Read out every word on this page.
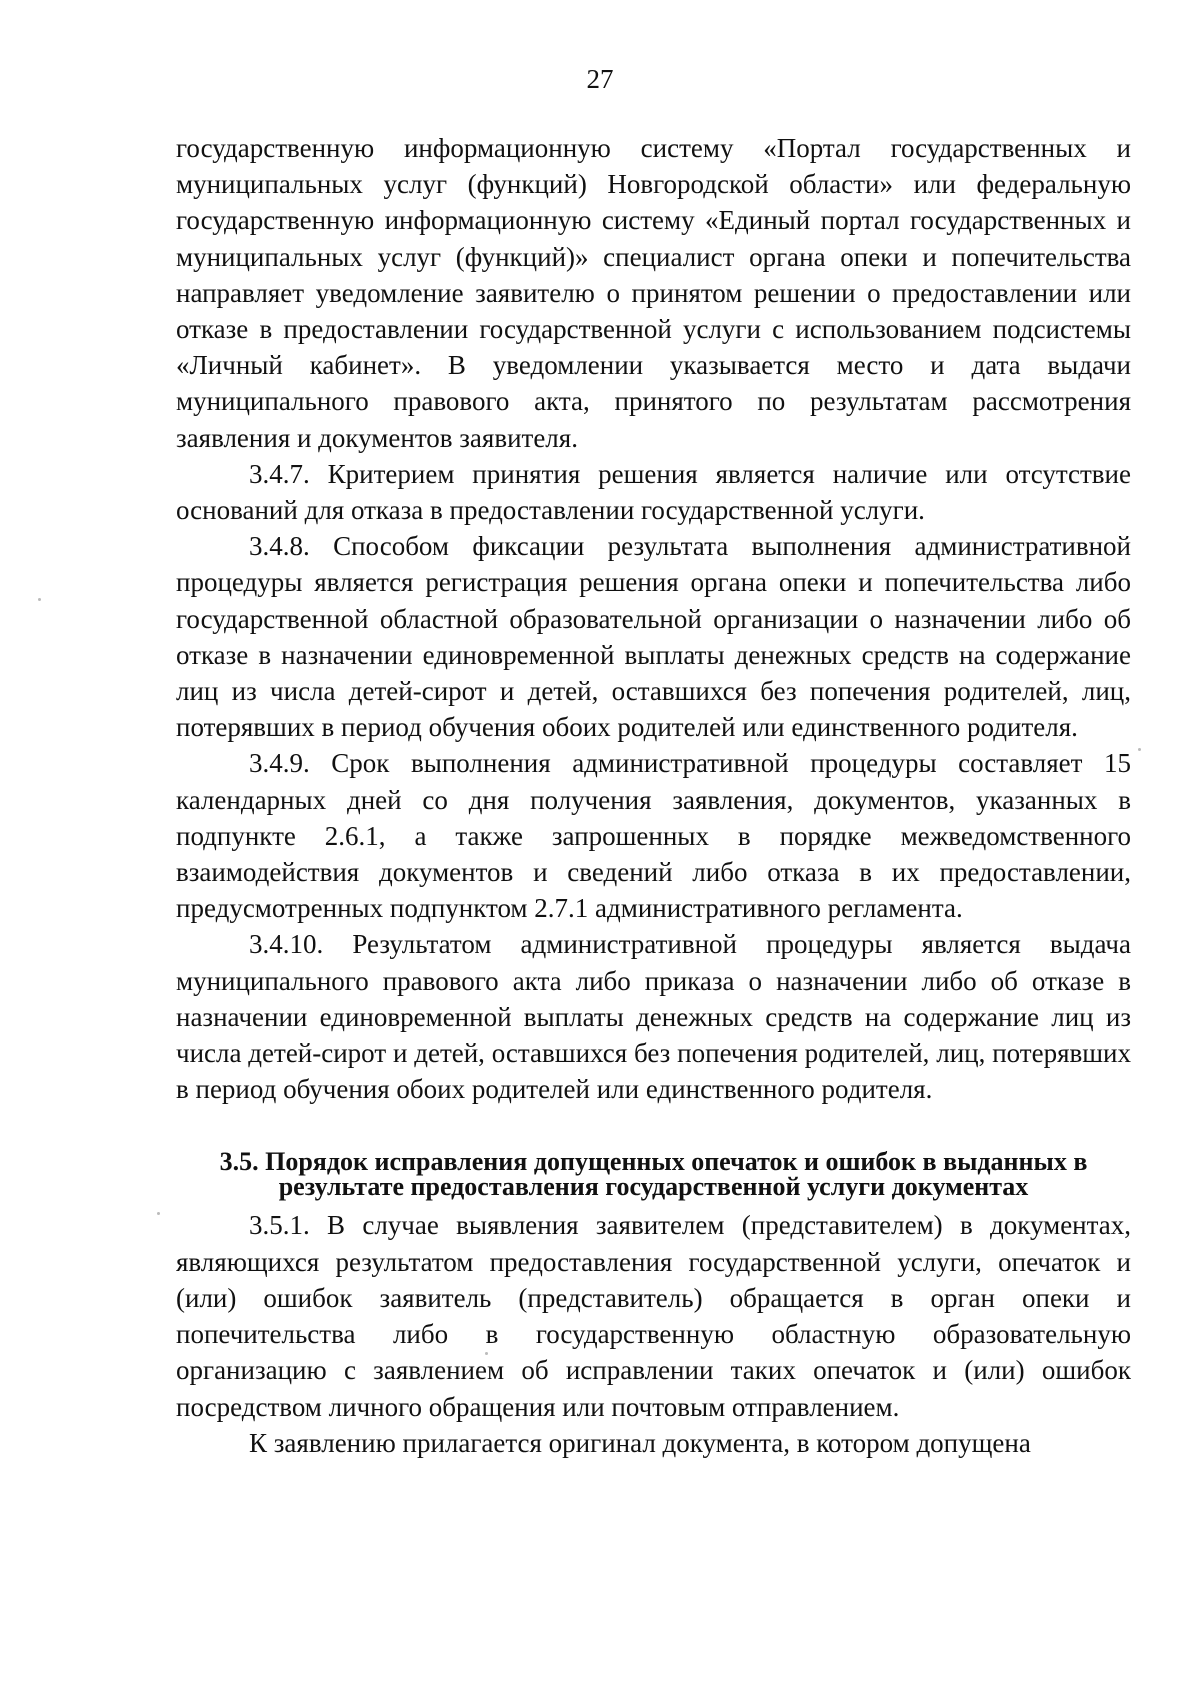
27

государственную информационную систему «Портал государственных и муниципальных услуг (функций) Новгородской области» или федеральную государственную информационную систему «Единый портал государственных и муниципальных услуг (функций)» специалист органа опеки и попечительства направляет уведомление заявителю о принятом решении о предоставлении или отказе в предоставлении государственной услуги с использованием подсистемы «Личный кабинет». В уведомлении указывается место и дата выдачи муниципального правового акта, принятого по результатам рассмотрения заявления и документов заявителя.

3.4.7. Критерием принятия решения является наличие или отсутствие оснований для отказа в предоставлении государственной услуги.

3.4.8. Способом фиксации результата выполнения административной процедуры является регистрация решения органа опеки и попечительства либо государственной областной образовательной организации о назначении либо об отказе в назначении единовременной выплаты денежных средств на содержание лиц из числа детей-сирот и детей, оставшихся без попечения родителей, лиц, потерявших в период обучения обоих родителей или единственного родителя.

3.4.9. Срок выполнения административной процедуры составляет 15 календарных дней со дня получения заявления, документов, указанных в подпункте 2.6.1, а также запрошенных в порядке межведомственного взаимодействия документов и сведений либо отказа в их предоставлении, предусмотренных подпунктом 2.7.1 административного регламента.

3.4.10. Результатом административной процедуры является выдача муниципального правового акта либо приказа о назначении либо об отказе в назначении единовременной выплаты денежных средств на содержание лиц из числа детей-сирот и детей, оставшихся без попечения родителей, лиц, потерявших в период обучения обоих родителей или единственного родителя.

3.5. Порядок исправления допущенных опечаток и ошибок в выданных в результате предоставления государственной услуги документах

3.5.1. В случае выявления заявителем (представителем) в документах, являющихся результатом предоставления государственной услуги, опечаток и (или) ошибок заявитель (представитель) обращается в орган опеки и попечительства либо в государственную областную образовательную организацию с заявлением об исправлении таких опечаток и (или) ошибок посредством личного обращения или почтовым отправлением.

К заявлению прилагается оригинал документа, в котором допущена
